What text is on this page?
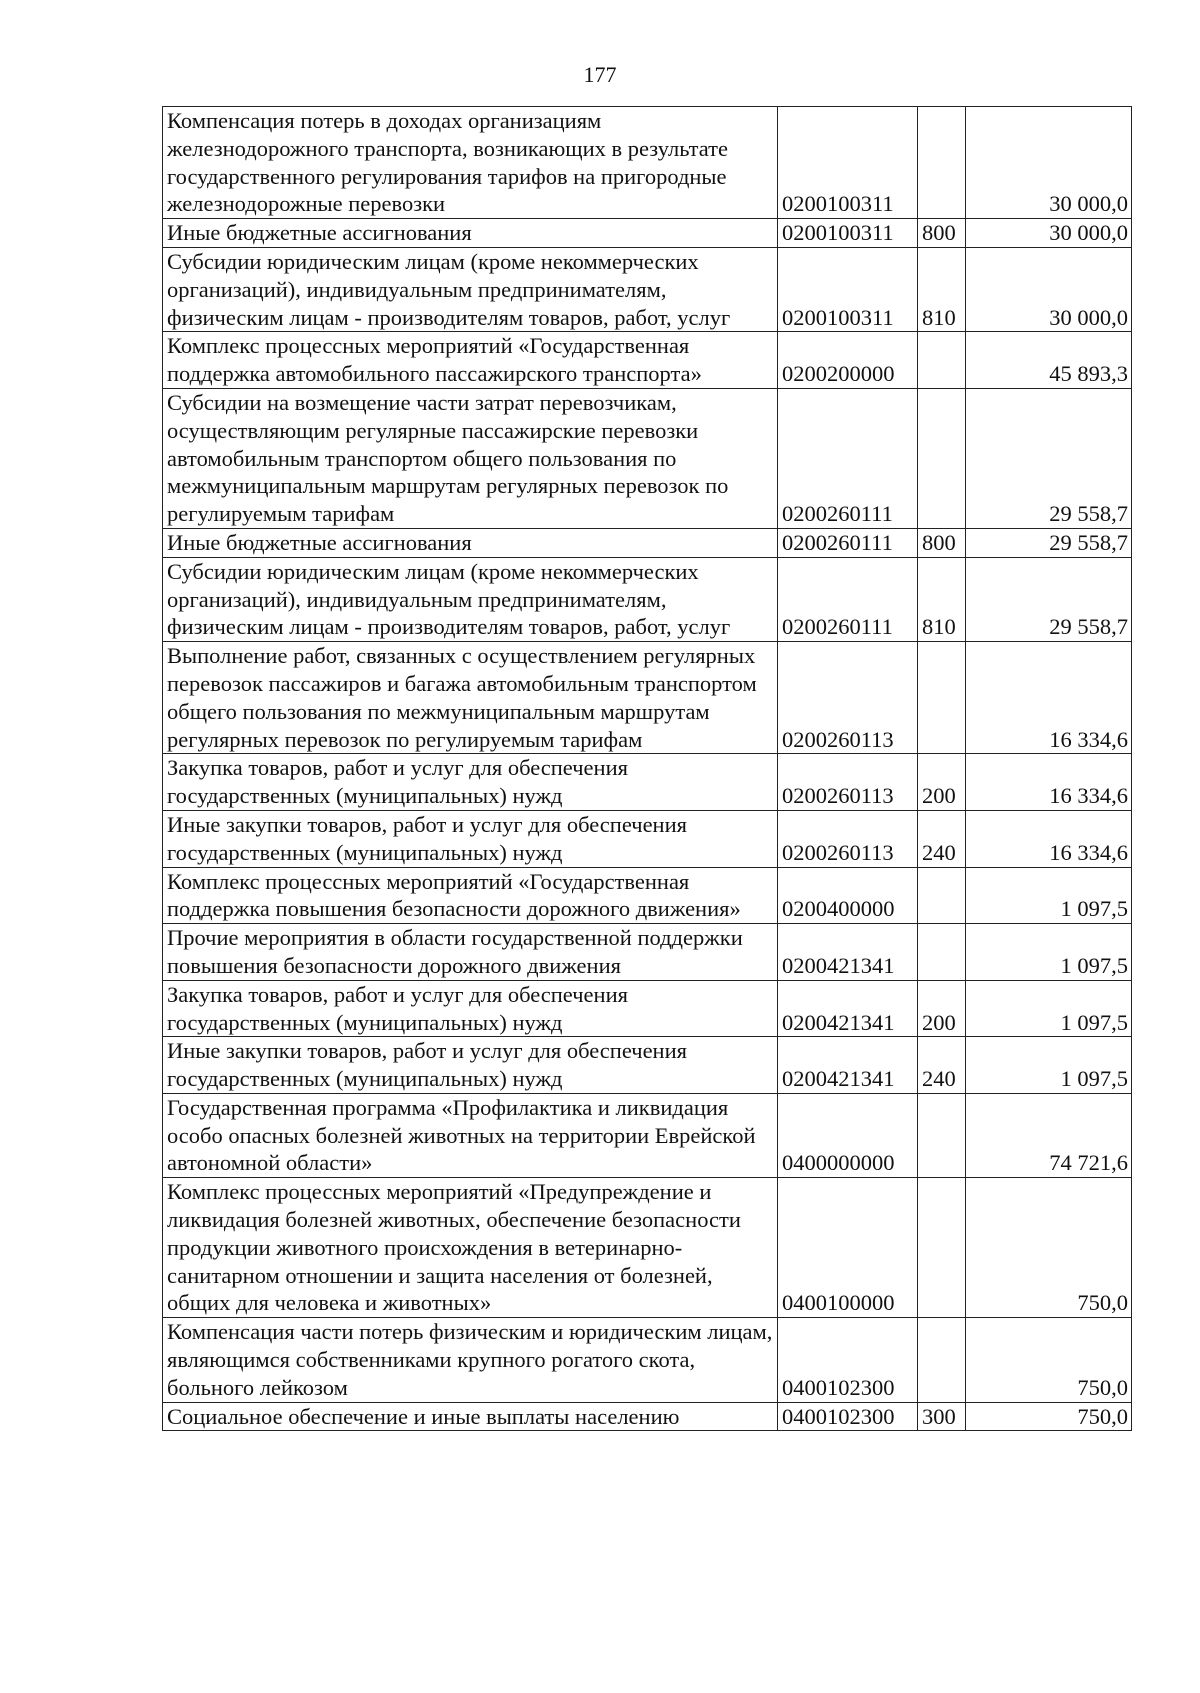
177
Компенсация потерь в доходах организациям железнодорожного транспорта, возникающих в результате государственного регулирования тарифов на пригородные железнодорожные перевозки	0200100311		30 000,0
Иные бюджетные ассигнования	0200100311	800	30 000,0
Субсидии юридическим лицам (кроме некоммерческих организаций), индивидуальным предпринимателям, физическим лицам - производителям товаров, работ, услуг	0200100311	810	30 000,0
Комплекс процессных мероприятий «Государственная поддержка автомобильного пассажирского транспорта»	0200200000		45 893,3
Субсидии на возмещение части затрат перевозчикам, осуществляющим регулярные пассажирские перевозки автомобильным транспортом общего пользования по межмуниципальным маршрутам регулярных перевозок по регулируемым тарифам	0200260111		29 558,7
Иные бюджетные ассигнования	0200260111	800	29 558,7
Субсидии юридическим лицам (кроме некоммерческих организаций), индивидуальным предпринимателям, физическим лицам - производителям товаров, работ, услуг	0200260111	810	29 558,7
Выполнение работ, связанных с осуществлением регулярных перевозок пассажиров и багажа автомобильным транспортом общего пользования по межмуниципальным маршрутам регулярных перевозок по регулируемым тарифам	0200260113		16 334,6
Закупка товаров, работ и услуг для обеспечения государственных (муниципальных) нужд	0200260113	200	16 334,6
Иные закупки товаров, работ и услуг для обеспечения государственных (муниципальных) нужд	0200260113	240	16 334,6
Комплекс процессных мероприятий «Государственная поддержка повышения безопасности дорожного движения»	0200400000		1 097,5
Прочие мероприятия в области государственной поддержки повышения безопасности дорожного движения	0200421341		1 097,5
Закупка товаров, работ и услуг для обеспечения государственных (муниципальных) нужд	0200421341	200	1 097,5
Иные закупки товаров, работ и услуг для обеспечения государственных (муниципальных) нужд	0200421341	240	1 097,5
Государственная программа «Профилактика и ликвидация особо опасных болезней животных на территории Еврейской автономной области»	0400000000		74 721,6
Комплекс процессных мероприятий «Предупреждение и ликвидация болезней животных, обеспечение безопасности продукции животного происхождения в ветеринарно-санитарном отношении и защита населения от болезней, общих для человека и животных»	0400100000		750,0
Компенсация части потерь физическим и юридическим лицам, являющимся собственниками крупного рогатого скота, больного лейкозом	0400102300		750,0
Социальное обеспечение и иные выплаты населению	0400102300	300	750,0
